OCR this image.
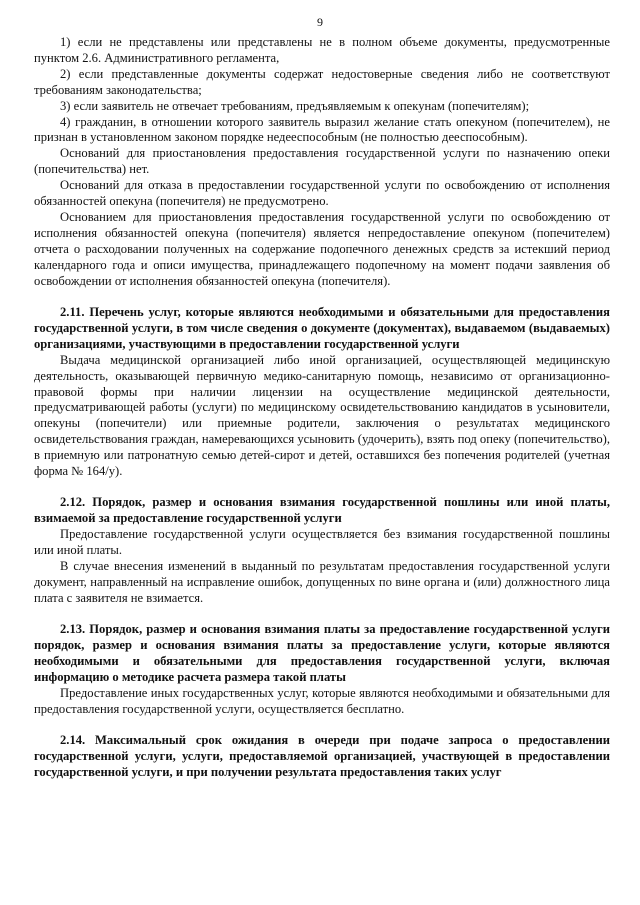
9

1) если не представлены или представлены не в полном объеме документы, предусмотренные пунктом 2.6. Административного регламента,

2) если представленные документы содержат недостоверные сведения либо не соответствуют требованиям законодательства;

3) если заявитель не отвечает требованиям, предъявляемым к опекунам (попечителям);

4) гражданин, в отношении которого заявитель выразил желание стать опекуном (попечителем), не признан в установленном законом порядке недееспособным (не полностью дееспособным).

Оснований для приостановления предоставления государственной услуги по назначению опеки (попечительства) нет.

Оснований для отказа в предоставлении государственной услуги по освобождению от исполнения обязанностей опекуна (попечителя) не предусмотрено.

Основанием для приостановления предоставления государственной услуги по освобождению от исполнения обязанностей опекуна (попечителя) является непредоставление опекуном (попечителем) отчета о расходовании полученных на содержание подопечного денежных средств за истекший период календарного года и описи имущества, принадлежащего подопечному на момент подачи заявления об освобождении от исполнения обязанностей опекуна (попечителя).

2.11. Перечень услуг, которые являются необходимыми и обязательными для предоставления государственной услуги, в том числе сведения о документе (документах), выдаваемом (выдаваемых) организациями, участвующими в предоставлении государственной услуги

Выдача медицинской организацией либо иной организацией, осуществляющей медицинскую деятельность, оказывающей первичную медико-санитарную помощь, независимо от организационно-правовой формы при наличии лицензии на осуществление медицинской деятельности, предусматривающей работы (услуги) по медицинскому освидетельствованию кандидатов в усыновители, опекуны (попечители) или приемные родители, заключения о результатах медицинского освидетельствования граждан, намеревающихся усыновить (удочерить), взять под опеку (попечительство), в приемную или патронатную семью детей-сирот и детей, оставшихся без попечения родителей (учетная форма № 164/у).

2.12. Порядок, размер и основания взимания государственной пошлины или иной платы, взимаемой за предоставление государственной услуги

Предоставление государственной услуги осуществляется без взимания государственной пошлины или иной платы.

В случае внесения изменений в выданный по результатам предоставления государственной услуги документ, направленный на исправление ошибок, допущенных по вине органа и (или) должностного лица плата с заявителя не взимается.

2.13. Порядок, размер и основания взимания платы за предоставление государственной услуги порядок, размер и основания взимания платы за предоставление услуги, которые являются необходимыми и обязательными для предоставления государственной услуги, включая информацию о методике расчета размера такой платы

Предоставление иных государственных услуг, которые являются необходимыми и обязательными для предоставления государственной услуги, осуществляется бесплатно.

2.14. Максимальный срок ожидания в очереди при подаче запроса о предоставлении государственной услуги, услуги, предоставляемой организацией, участвующей в предоставлении государственной услуги, и при получении результата предоставления таких услуг
